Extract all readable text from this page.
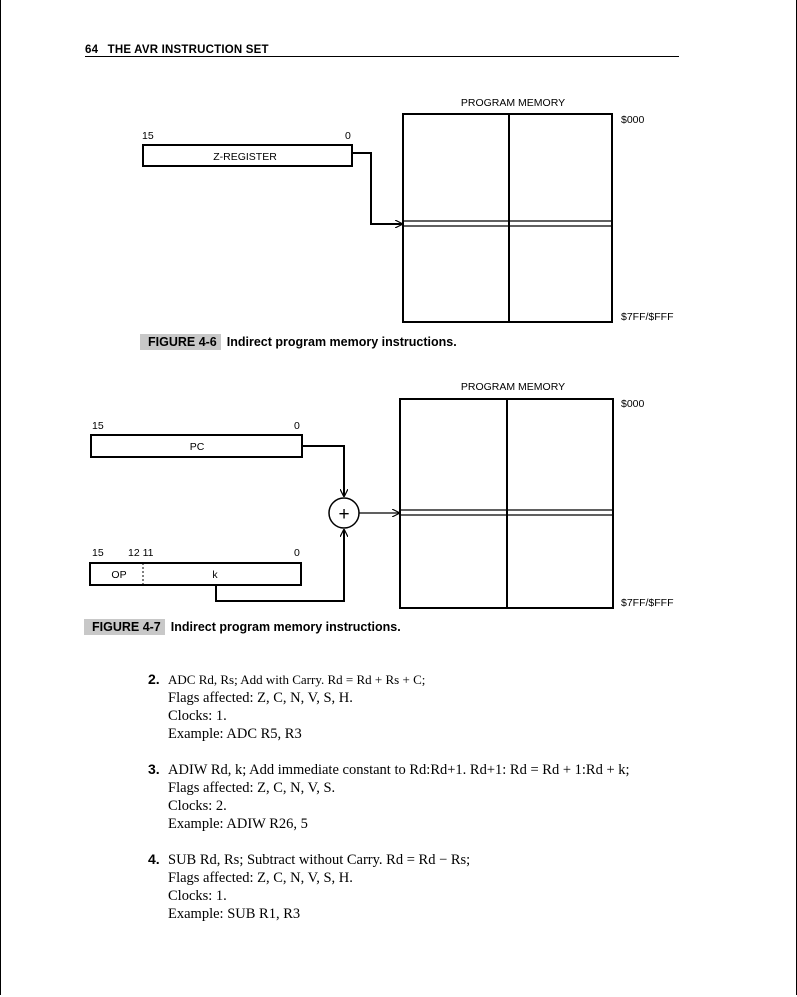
64 THE AVR INSTRUCTION SET
PROGRAM MEMORY
$000
$7FF/$FFF
15	0
Z-REGISTER
FIGURE 4-6 Indirect program memory instructions.
PROGRAM MEMORY
$000
$7FF/$FFF
15	0
PC
+
15 12 11	0
OP	k
FIGURE 4-7 Indirect program memory instructions.
2. ADC Rd, Rs; Add with Carry. Rd = Rd + Rs + C;
Flags affected: Z, C, N, V, S, H.
Clocks: 1.
Example: ADC R5, R3
3. ADIW Rd, k; Add immediate constant to Rd:Rd+1. Rd+1: Rd = Rd + 1:Rd + k;
Flags affected: Z, C, N, V, S.
Clocks: 2.
Example: ADIW R26, 5
4. SUB Rd, Rs; Subtract without Carry. Rd = Rd − Rs;
Flags affected: Z, C, N, V, S, H.
Clocks: 1.
Example: SUB R1, R3
